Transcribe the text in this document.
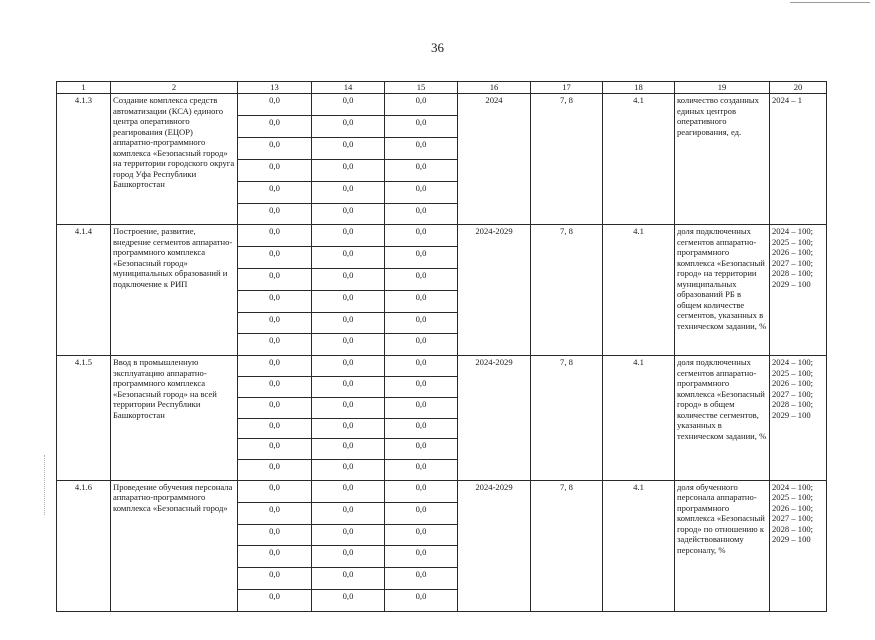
36
1	2	13	14	15	16	17	18	19	20
4.1.3	Создание комплекса средств автоматизации (КСА) единого центра оперативного реагирования (ЕЦОР) аппаратно-программного комплекса «Безопасный город» на территории городского округа город Уфа Республики Башкортостан	0,0	0,0	0,0	2024	7, 8	4.1	количество созданных единых центров оперативного реагирования, ед.	2024 – 1
		0,0	0,0	0,0					
		0,0	0,0	0,0					
		0,0	0,0	0,0					
		0,0	0,0	0,0					
		0,0	0,0	0,0					
4.1.4	Построение, развитие, внедрение сегментов аппаратно-программного комплекса «Безопасный город» муниципальных образований и подключение к РИП	0,0	0,0	0,0	2024-2029	7, 8	4.1	доля подключенных сегментов аппаратно-программного комплекса «Безопасный город» на территории муниципальных образований РБ в общем количестве сегментов, указанных в техническом задании, %	2024 – 100; 2025 – 100; 2026 – 100; 2027 – 100; 2028 – 100; 2029 – 100
		0,0	0,0	0,0					
		0,0	0,0	0,0					
		0,0	0,0	0,0					
		0,0	0,0	0,0					
		0,0	0,0	0,0					
4.1.5	Ввод в промышленную эксплуатацию аппаратно-программного комплекса «Безопасный город» на всей территории Республики Башкортостан	0,0	0,0	0,0	2024-2029	7, 8	4.1	доля подключенных сегментов аппаратно-программного комплекса «Безопасный город» в общем количестве сегментов, указанных в техническом задании, %	2024 – 100; 2025 – 100; 2026 – 100; 2027 – 100; 2028 – 100; 2029 – 100
		0,0	0,0	0,0					
		0,0	0,0	0,0					
		0,0	0,0	0,0					
		0,0	0,0	0,0					
		0,0	0,0	0,0					
4.1.6	Проведение обучения персонала аппаратно-программного комплекса «Безопасный город»	0,0	0,0	0,0	2024-2029	7, 8	4.1	доля обученного персонала аппаратно-программного комплекса «Безопасный город» по отношению к задействованному персоналу, %	2024 – 100; 2025 – 100; 2026 – 100; 2027 – 100; 2028 – 100; 2029 – 100
		0,0	0,0	0,0					
		0,0	0,0	0,0					
		0,0	0,0	0,0					
		0,0	0,0	0,0					
		0,0	0,0	0,0					
